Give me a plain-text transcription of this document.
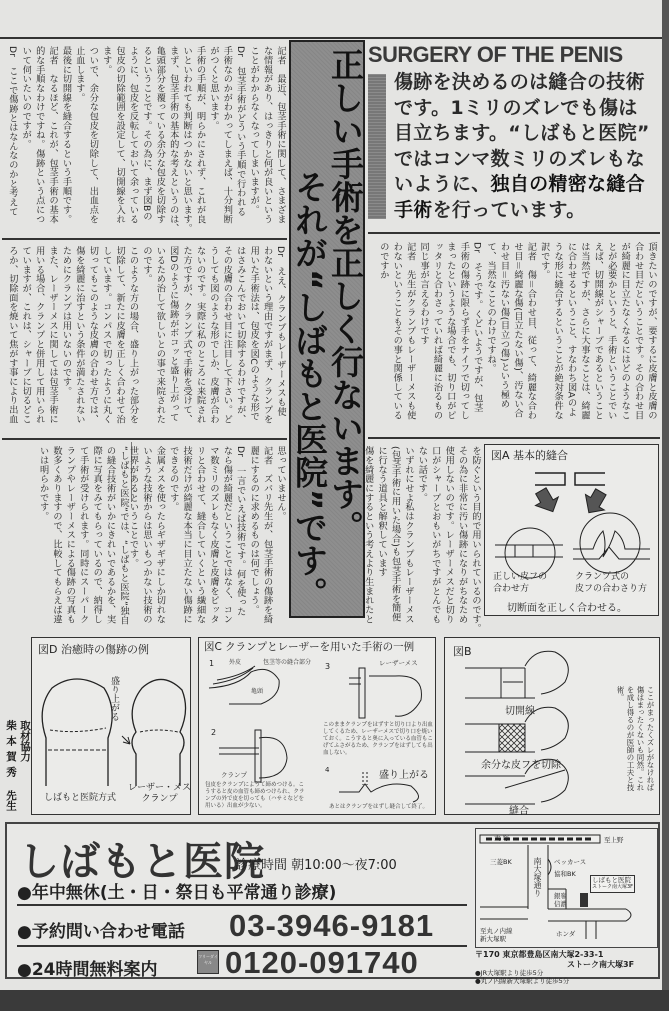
記者　最近、包茎手術に関して、さまざま

な情報があり、はっきりと何が良いという

ことがわからなくなってしまいますが。

Dr　包茎手術がどういう手順で行われる

手術なのかがわかってしまえば、十分判断

がつくと思います。

手術の手順が、明らかにされず、これが良

いといわれても判断はつかないと思います。

まず、包茎手術の基本的な考えというのは、

亀頭部分を覆っている余分な包皮を切除す

るということです。その為に、まず図Bの

ように、包皮を反転しておいて余っている

包皮の切除範囲を設定して、切開線を入れ

ます。

ついで、余分な包皮を切除して、出血点を

止血します。

最後に切開線を縫合するという手順です。

記者　なるほど、これが、包茎手術の基本

的な手順なわけですね。傷跡という点につ

いて伺いたいのですが。

Dr　ここで傷跡とはなんなのかと考えて

Dr　ええ、クランプもレーザーメスも使

わないという理由ですがまず、クランプを

用いた手術法は、包皮を図Cのような形で

はさみこんでおいて切除するわけですが、

その皮膚の合わせ目に注目して下さい。ど

うしても図のような形でしか、皮膚が合わ

ないのです。実際に私のところに来院され

た方ですが、クランプ式で手術を受けて、

図Dのように傷跡がボコッと盛り上がって

いるため治して欲しいとの事で来院された

のです。

このような方の場合、盛り上がった部分を

切除して、新たに皮膚を正しく合わせて治

しています。コンパスで切ったように丸く

切ってもこのような皮膚の合わせ方では、

傷を綺麗に治すという条件が満たされない

ためにクランプは用いないのです。

また、レーザーメスに関しては包茎手術に

用いる場合、クランプと併用して用いられ

ていますが、これは、シャープに切るどこ

ろか、切除面を焼いて焦がす事により出血

“しばもと医院”では、“しばもと医院”独自

の縫合技術がいかにきれいであるかを、実

際に写真をみてもらっているので、納得し

て手術が受けられます。同時にスーパーク

ランプやレーザーメスによる傷跡の写真も

数多くありますので、比較してもらえば違

いは明らかです。	思っていません。

記者　ズバリ先生が、包茎手術の傷跡を綺

麗にするのに求めるものは何でしょう。

Dr　一言でいえば技術です。何を使った

なら傷が綺麗だということではなく、コン

マ数ミリのズレもなく皮膚と皮膚をピッタ

リと合わせて、縫合していくという繊細な

技術だけが綺麗な本当に目立たない傷跡に

できるのです。

金属メスを使ったらギザギザにしか切れな

いような技術からは思いもつかない技術の

世界があるということです。	正しい手術を正しく行ないます。
それが“しばもと医院”です。
SURGERY OF THE PENIS
傷跡を決めるのは縫合の技術
です。1ミリのズレでも傷は
目立ちます。“しばもと医院”
ではコンマ数ミリのズレもな
いように、独自の精密な縫合
手術を行っています。

頂きたいのですが、要するに皮膚と皮膚の

合わせ目だということです。その合わせ目

が綺麗に目立たなくなるにはどのようなこ

とが必要かというと、手術ということでい

えば、切開線がシャープであるということ

は当然ですが、さらに大事なことは、綺麗

に合わせるということ、すなわち図Aのよ

うな形に縫合するということが絶対条件な

訳です。

記者　傷＝合わせ目、従って、綺麗な合わ

せ目＝綺麗な傷(目立たない傷)、汚ない合

わせ目＝汚ない傷(目立つ傷)という極め

て、当然なことのわけですね。

Dr　そうです。くどいようですが、包茎

手術の傷跡に限らず手をナイフで切ってし

まったというような場合でも、切り口がピ

ッタリと合わさっていれば綺麗に治るもの

同じ事が言えるわけです

記者　先生がクランプもレーザーメスも使

わないということもその事と関係している

のですか

を防ぐという目的で用いられているのです。

その為に非常に汚い傷跡になりがちなため

使用しないのです。レーザーメスだと切り

口がシャープとおもいがちですがとんでも

ない話です。

いずれにせよ私はクランプもレーザーメス

(包茎手術に用いた場合)も包茎手術を簡便

に行なう道具と解釈しています

傷を綺麗にするという考えより生まれたと	図A 基本的縫合
正しい皮フの
合わせ方
クランプ式の
皮フの合わさり方
切断面を正しく合わせる。
取材協力
柴本賀秀
先生
図D 治癒時の傷跡の例
盛り上がる
しばもと医院方式
レーザー・メス
クランプ
図C クランプとレーザーを用いた手術の一例
1 外皮	包茎等の縫合部分
亀頭
2
クランプ
包皮をクランプにようて締めつける。こうすると皮の血管も締めつけられ、クランプの外で皮を切っても（ハサミなどを用いる）出血が少ない。
3	レーザーメス
このままクランプをはずすと切り口より出血してくるため、レーザーメスで切り口を焼いておく。こうすると奥に入っている血管もこげてふさがるため、クランプをはずしても出血しない。
4	盛り上がる
あとはクランプをはずし縫合して終了。
図B
切開線
余分な皮フを切除
縫合
ここがまったくズレがなければ
傷はまったくないも同然。これ
を成し得るのが医師の工夫と技
術。
しばもと医院
診療時間 朝10:00〜夜7:00
●年中無休(土・日・祭日も平常通り診療)
●予約問い合わせ電話 03-3946-9181
●24時間無料案内
フリーダイヤル 0120-091740
大 塚	至上野
三菱BK	ベッカース
協和BK
南大塚通り	しばもと医院
ストーク南大塚3F
銀嶺
信濃
ホンダ
至丸ノ内線
新大塚駅
〒170 東京都豊島区南大塚2-33-1
ストーク南大塚3F
●JR大塚駅より徒歩5分
●丸ノ内線新大塚駅より徒歩5分
